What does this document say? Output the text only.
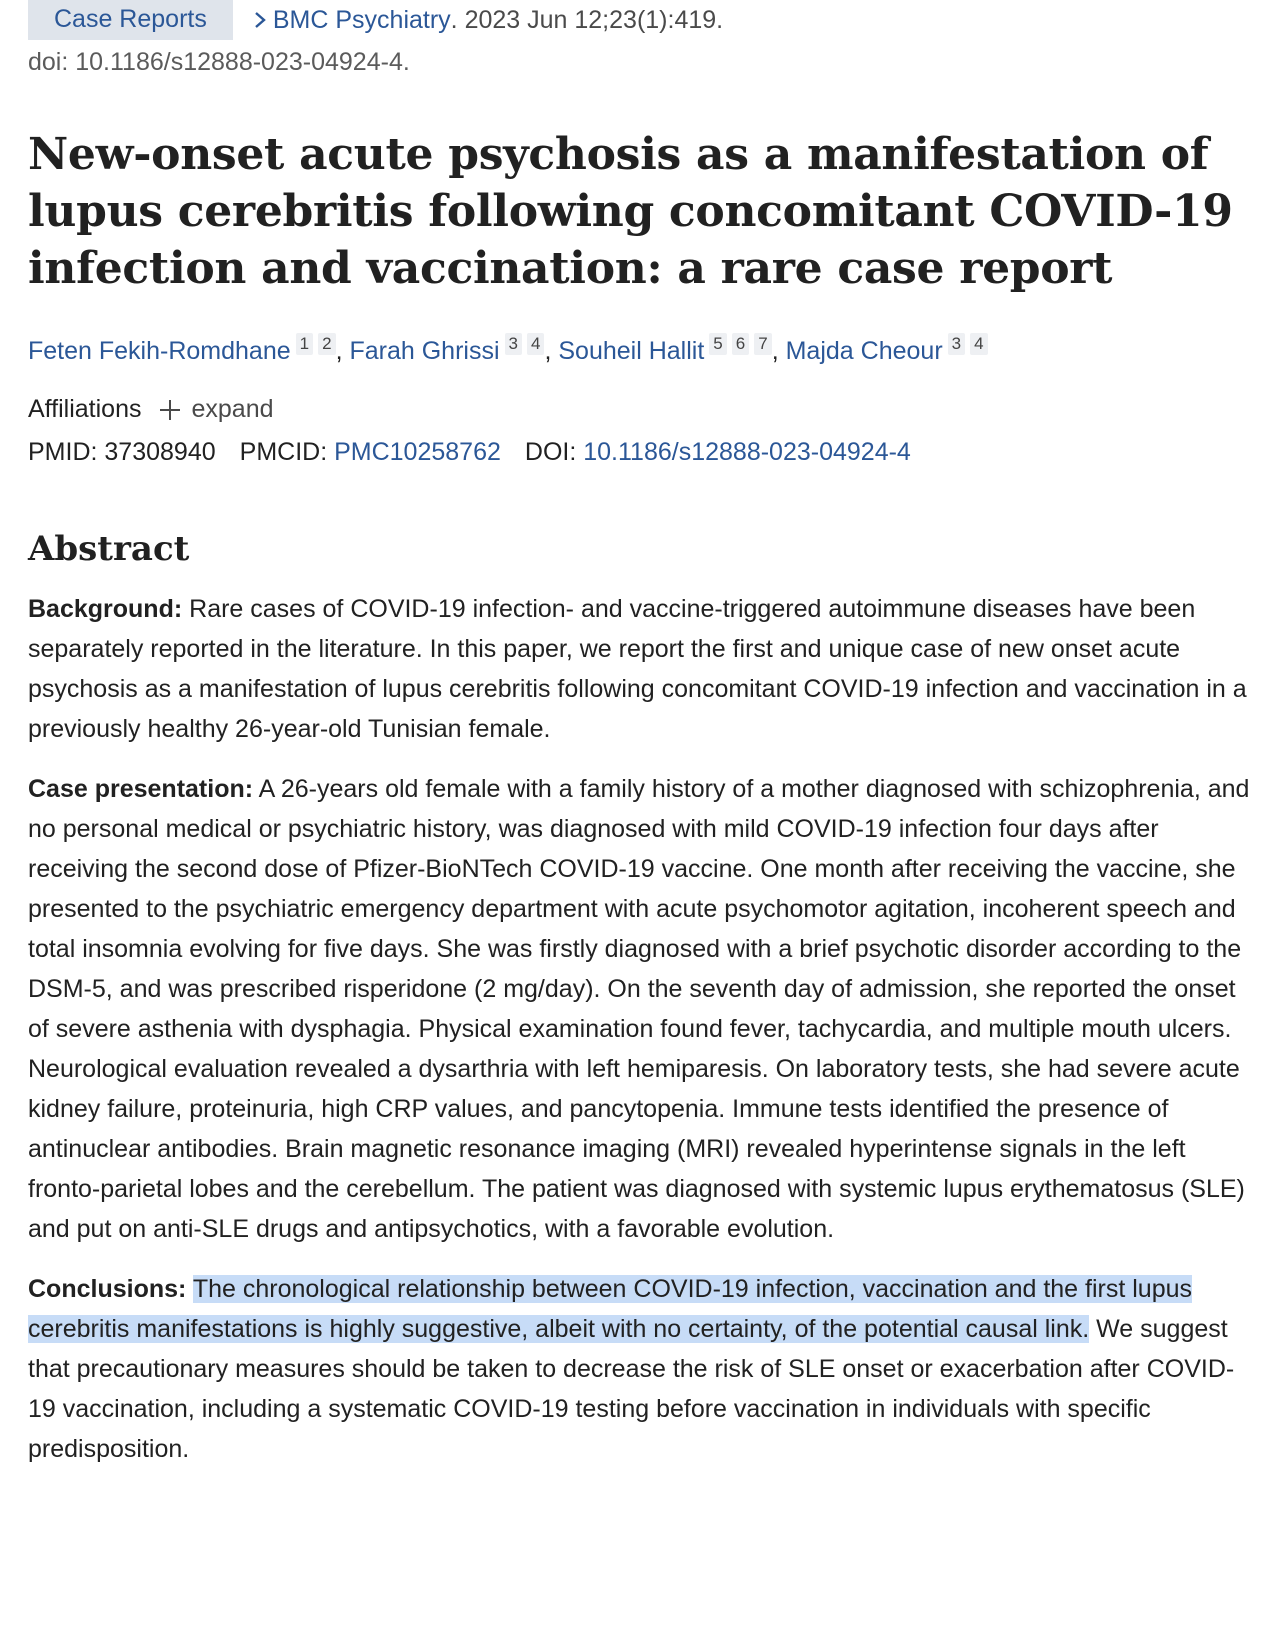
Case Reports	BMC Psychiatry . 2023 Jun 12;23(1):419.
doi: 10.1186/s12888-023-04924-4.
New-onset acute psychosis as a manifestation of lupus cerebritis following concomitant COVID-19 infection and vaccination: a rare case report
Feten Fekih-Romdhane 1 2 , Farah Ghrissi 3 4 , Souheil Hallit 5 6 7 , Majda Cheour 3 4
Affiliations expand
PMID: 37308940 PMCID: PMC10258762 DOI: 10.1186/s12888-023-04924-4
Abstract

Background: Rare cases of COVID-19 infection- and vaccine-triggered autoimmune diseases have been separately reported in the literature. In this paper, we report the first and unique case of new onset acute psychosis as a manifestation of lupus cerebritis following concomitant COVID-19 infection and vaccination in a previously healthy 26-year-old Tunisian female.

Case presentation: A 26-years old female with a family history of a mother diagnosed with schizophrenia, and no personal medical or psychiatric history, was diagnosed with mild COVID-19 infection four days after receiving the second dose of Pfizer-BioNTech COVID-19 vaccine. One month after receiving the vaccine, she presented to the psychiatric emergency department with acute psychomotor agitation, incoherent speech and total insomnia evolving for five days. She was firstly diagnosed with a brief psychotic disorder according to the DSM-5, and was prescribed risperidone (2 mg/day). On the seventh day of admission, she reported the onset of severe asthenia with dysphagia. Physical examination found fever, tachycardia, and multiple mouth ulcers. Neurological evaluation revealed a dysarthria with left hemiparesis. On laboratory tests, she had severe acute kidney failure, proteinuria, high CRP values, and pancytopenia. Immune tests identified the presence of antinuclear antibodies. Brain magnetic resonance imaging (MRI) revealed hyperintense signals in the left fronto-parietal lobes and the cerebellum. The patient was diagnosed with systemic lupus erythematosus (SLE) and put on anti-SLE drugs and antipsychotics, with a favorable evolution.

Conclusions: The chronological relationship between COVID-19 infection, vaccination and the first lupus cerebritis manifestations is highly suggestive, albeit with no certainty, of the potential causal link. We suggest that precautionary measures should be taken to decrease the risk of SLE onset or exacerbation after COVID-19 vaccination, including a systematic COVID-19 testing before vaccination in individuals with specific predisposition.
